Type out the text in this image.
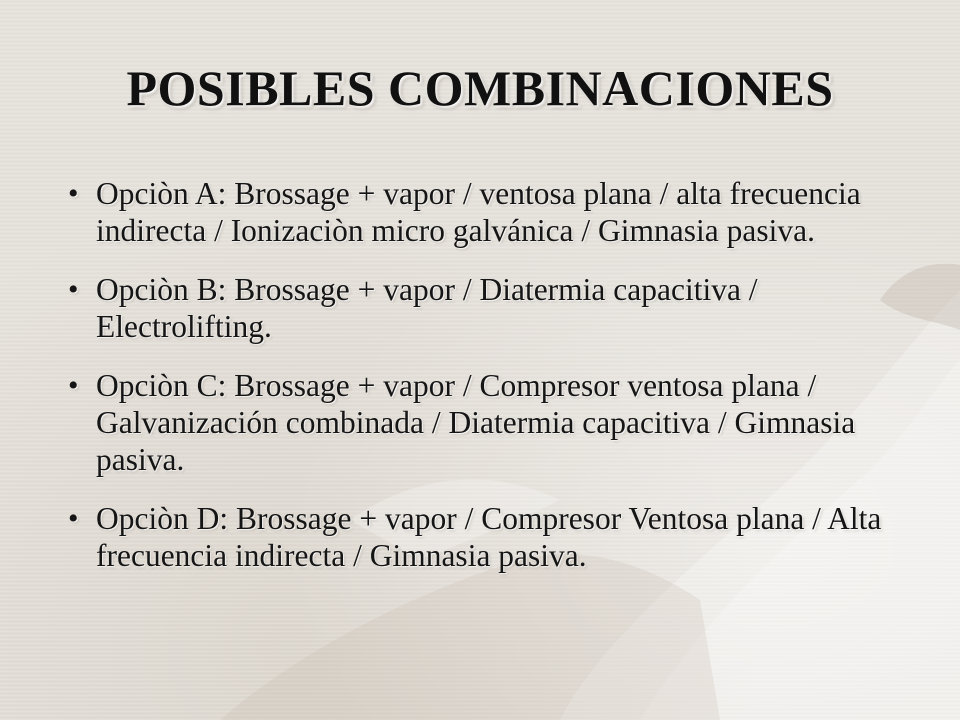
POSIBLES COMBINACIONES
• Opciòn A: Brossage + vapor / ventosa plana / alta frecuencia indirecta / Ionizaciòn micro galvánica / Gimnasia pasiva.
• Opciòn B: Brossage + vapor / Diatermia capacitiva / Electrolifting.
• Opciòn C: Brossage + vapor / Compresor ventosa plana / Galvanización combinada / Diatermia capacitiva / Gimnasia pasiva.
• Opciòn D: Brossage + vapor / Compresor Ventosa plana / Alta frecuencia indirecta / Gimnasia pasiva.
